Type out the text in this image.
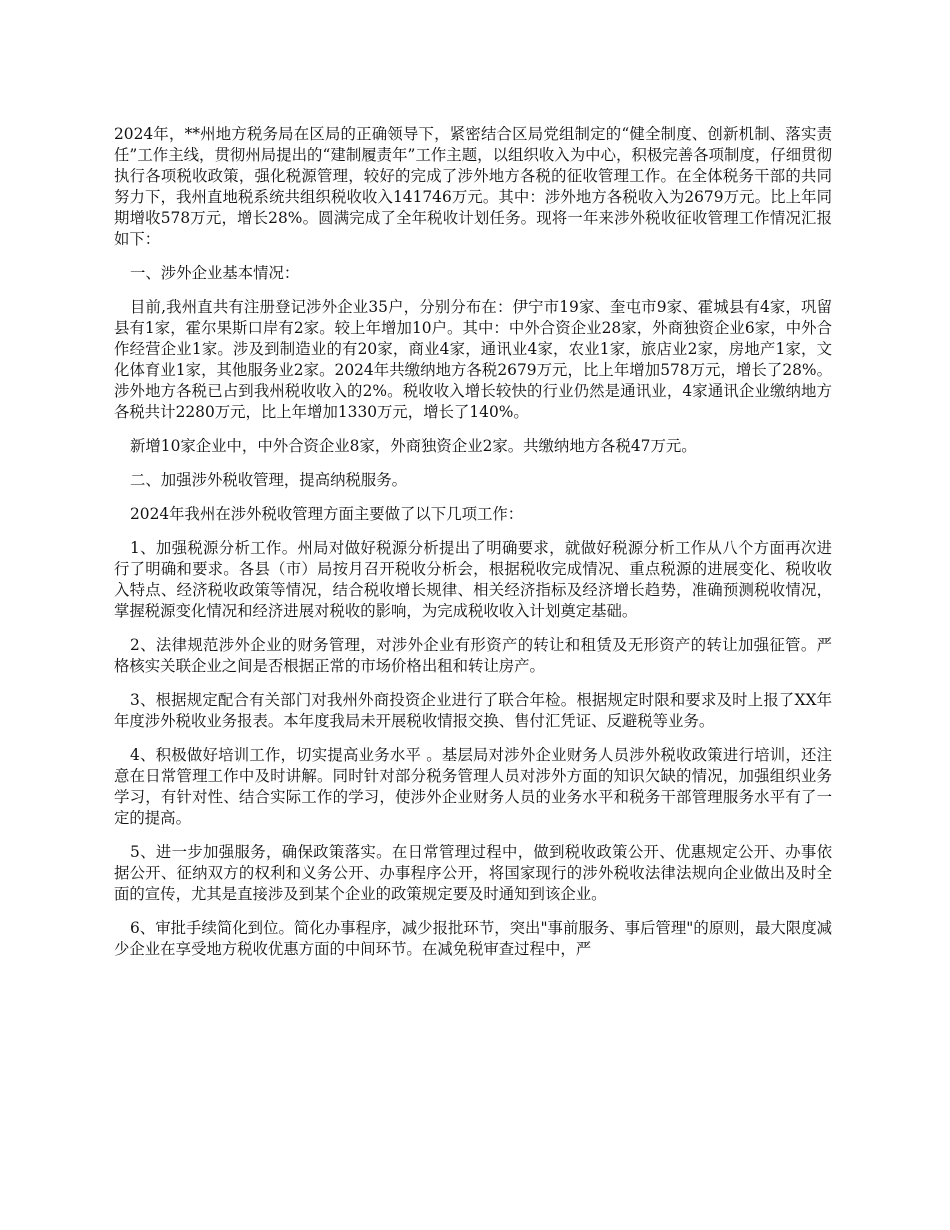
2024年，**州地方税务局在区局的正确领导下，紧密结合区局党组制定的“健全制度、创新机制、落实责任”工作主线，贯彻州局提出的“建制履责年”工作主题，以组织收入为中心，积极完善各项制度，仔细贯彻执行各项税收政策，强化税源管理，较好的完成了涉外地方各税的征收管理工作。在全体税务干部的共同努力下，我州直地税系统共组织税收收入141746万元。其中：涉外地方各税收入为2679万元。比上年同期增收578万元，增长28%。圆满完成了全年税收计划任务。现将一年来涉外税收征收管理工作情况汇报如下：

一、涉外企业基本情况：

目前,我州直共有注册登记涉外企业35户，分别分布在：伊宁市19家、奎屯市9家、霍城县有4家，巩留县有1家，霍尔果斯口岸有2家。较上年增加10户。其中：中外合资企业28家，外商独资企业6家，中外合作经营企业1家。涉及到制造业的有20家，商业4家，通讯业4家，农业1家，旅店业2家，房地产1家，文化体育业1家，其他服务业2家。2024年共缴纳地方各税2679万元，比上年增加578万元，增长了28%。涉外地方各税已占到我州税收收入的2%。税收收入增长较快的行业仍然是通讯业，4家通讯企业缴纳地方各税共计2280万元，比上年增加1330万元，增长了140%。

新增10家企业中，中外合资企业8家，外商独资企业2家。共缴纳地方各税47万元。

二、加强涉外税收管理，提高纳税服务。

2024年我州在涉外税收管理方面主要做了以下几项工作：

1、加强税源分析工作。州局对做好税源分析提出了明确要求，就做好税源分析工作从八个方面再次进行了明确和要求。各县（市）局按月召开税收分析会，根据税收完成情况、重点税源的进展变化、税收收入特点、经济税收政策等情况，结合税收增长规律、相关经济指标及经济增长趋势，准确预测税收情况，掌握税源变化情况和经济进展对税收的影响，为完成税收收入计划奠定基础。

2、法律规范涉外企业的财务管理，对涉外企业有形资产的转让和租赁及无形资产的转让加强征管。严格核实关联企业之间是否根据正常的市场价格出租和转让房产。

3、根据规定配合有关部门对我州外商投资企业进行了联合年检。根据规定时限和要求及时上报了XX年年度涉外税收业务报表。本年度我局未开展税收情报交换、售付汇凭证、反避税等业务。

4、积极做好培训工作，切实提高业务水平 。基层局对涉外企业财务人员涉外税收政策进行培训，还注意在日常管理工作中及时讲解。同时针对部分税务管理人员对涉外方面的知识欠缺的情况，加强组织业务学习，有针对性、结合实际工作的学习，使涉外企业财务人员的业务水平和税务干部管理服务水平有了一定的提高。

5、进一步加强服务，确保政策落实。在日常管理过程中，做到税收政策公开、优惠规定公开、办事依据公开、征纳双方的权利和义务公开、办事程序公开，将国家现行的涉外税收法律法规向企业做出及时全面的宣传，尤其是直接涉及到某个企业的政策规定要及时通知到该企业。

6、审批手续简化到位。简化办事程序，减少报批环节，突出"事前服务、事后管理"的原则，最大限度减少企业在享受地方税收优惠方面的中间环节。在减免税审查过程中，严
